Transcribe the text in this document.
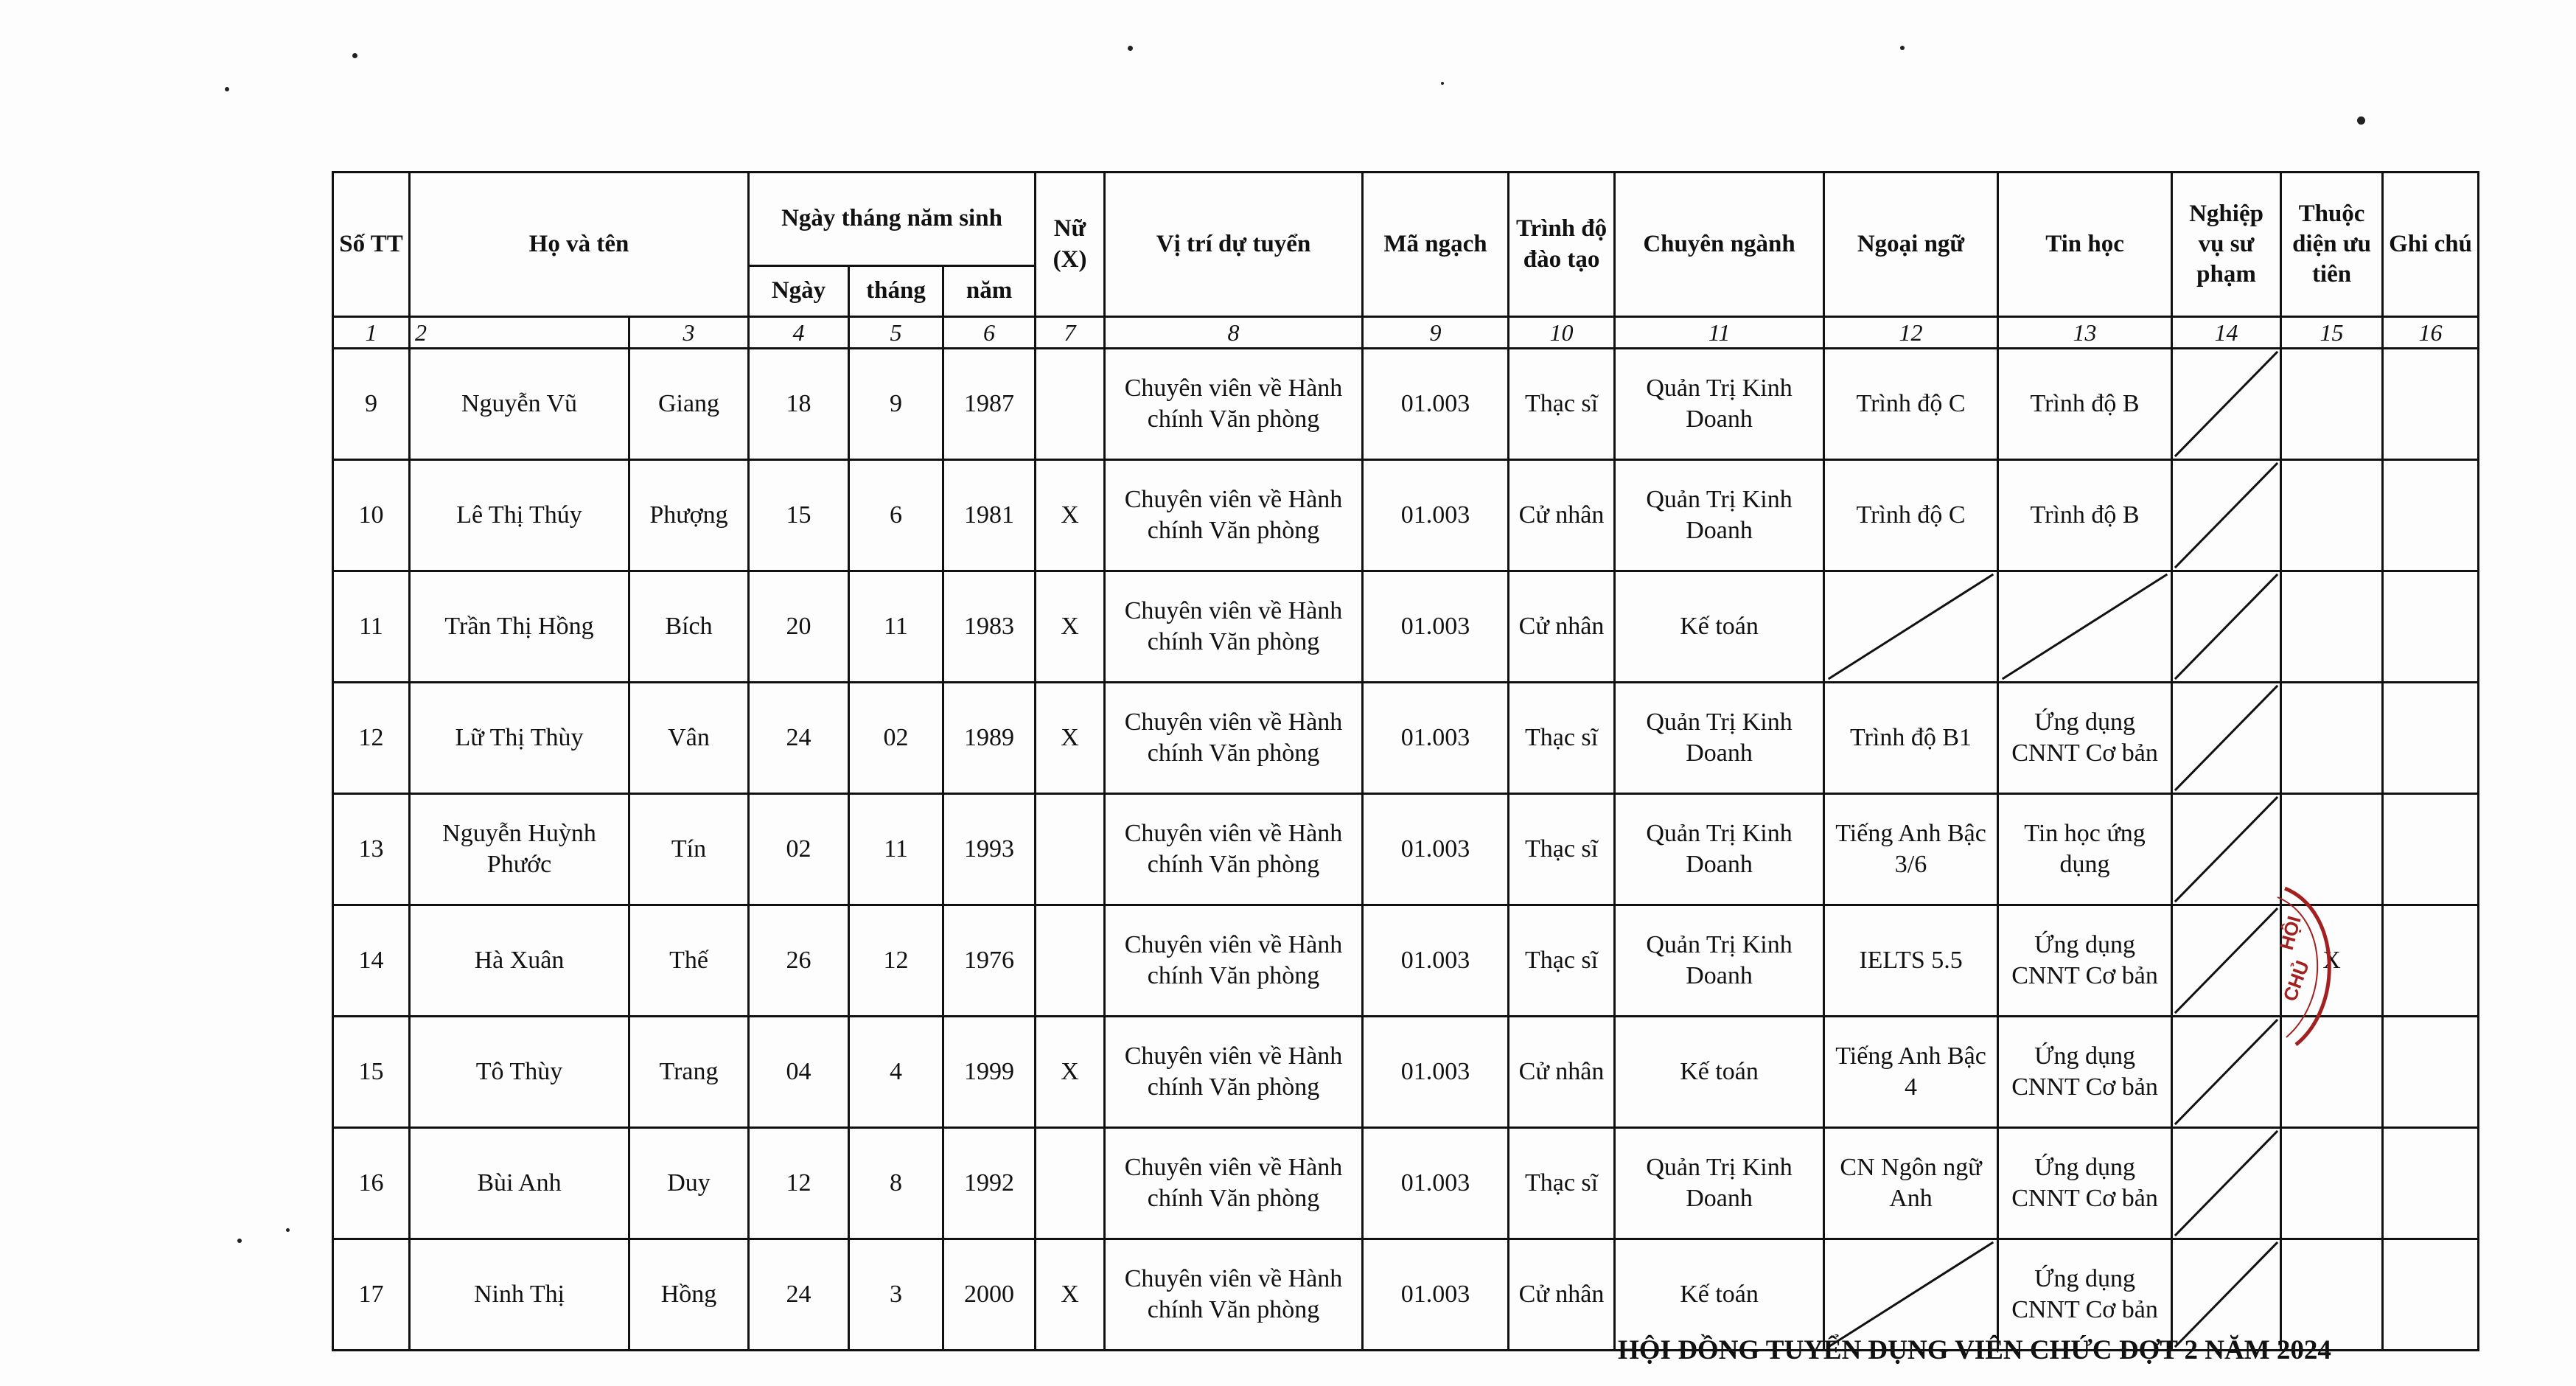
Số TT	Họ và tên		Ngày tháng năm sinh			Nữ (X)	Vị trí dự tuyển	Mã ngạch	Trình độ đào tạo	Chuyên ngành	Ngoại ngữ	Tin học	Nghiệp vụ sư phạm	Thuộc diện ưu tiên	Ghi chú
			Ngày	tháng	năm										
1	2	3	4	5	6	7	8	9	10	11	12	13	14	15	16
9	Nguyễn Vũ	Giang	18	9	1987		Chuyên viên về Hành chính Văn phòng	01.003	Thạc sĩ	Quản Trị Kinh Doanh	Trình độ C	Trình độ B	

10	Lê Thị Thúy	Phượng	15	6	1981	X	Chuyên viên về Hành chính Văn phòng	01.003	Cử nhân	Quản Trị Kinh Doanh	Trình độ C	Trình độ B	

11	Trần Thị Hồng	Bích	20	11	1983	X	Chuyên viên về Hành chính Văn phòng	01.003	Cử nhân	Kế toán	

12	Lữ Thị Thùy	Vân	24	02	1989	X	Chuyên viên về Hành chính Văn phòng	01.003	Thạc sĩ	Quản Trị Kinh Doanh	Trình độ B1	Ứng dụng CNNT Cơ bản	

13	Nguyễn Huỳnh Phước	Tín	02	11	1993		Chuyên viên về Hành chính Văn phòng	01.003	Thạc sĩ	Quản Trị Kinh Doanh	Tiếng Anh Bậc 3/6	Tin học ứng dụng	

14	Hà Xuân	Thế	26	12	1976		Chuyên viên về Hành chính Văn phòng	01.003	Thạc sĩ	Quản Trị Kinh Doanh	IELTS 5.5	Ứng dụng CNNT Cơ bản		X	
15	Tô Thùy	Trang	04	4	1999	X	Chuyên viên về Hành chính Văn phòng	01.003	Cử nhân	Kế toán	Tiếng Anh Bậc 4	Ứng dụng CNNT Cơ bản	

16	Bùi Anh	Duy	12	8	1992		Chuyên viên về Hành chính Văn phòng	01.003	Thạc sĩ	Quản Trị Kinh Doanh	CN Ngôn ngữ Anh	Ứng dụng CNNT Cơ bản	

17	Ninh Thị	Hồng	24	3	2000	X	Chuyên viên về Hành chính Văn phòng	01.003	Cử nhân	Kế toán		Ứng dụng CNNT Cơ bản	

HỘI
CHỦ
HỘI ĐỒNG TUYỂN DỤNG VIÊN CHỨC ĐỢT 2 NĂM 2024
